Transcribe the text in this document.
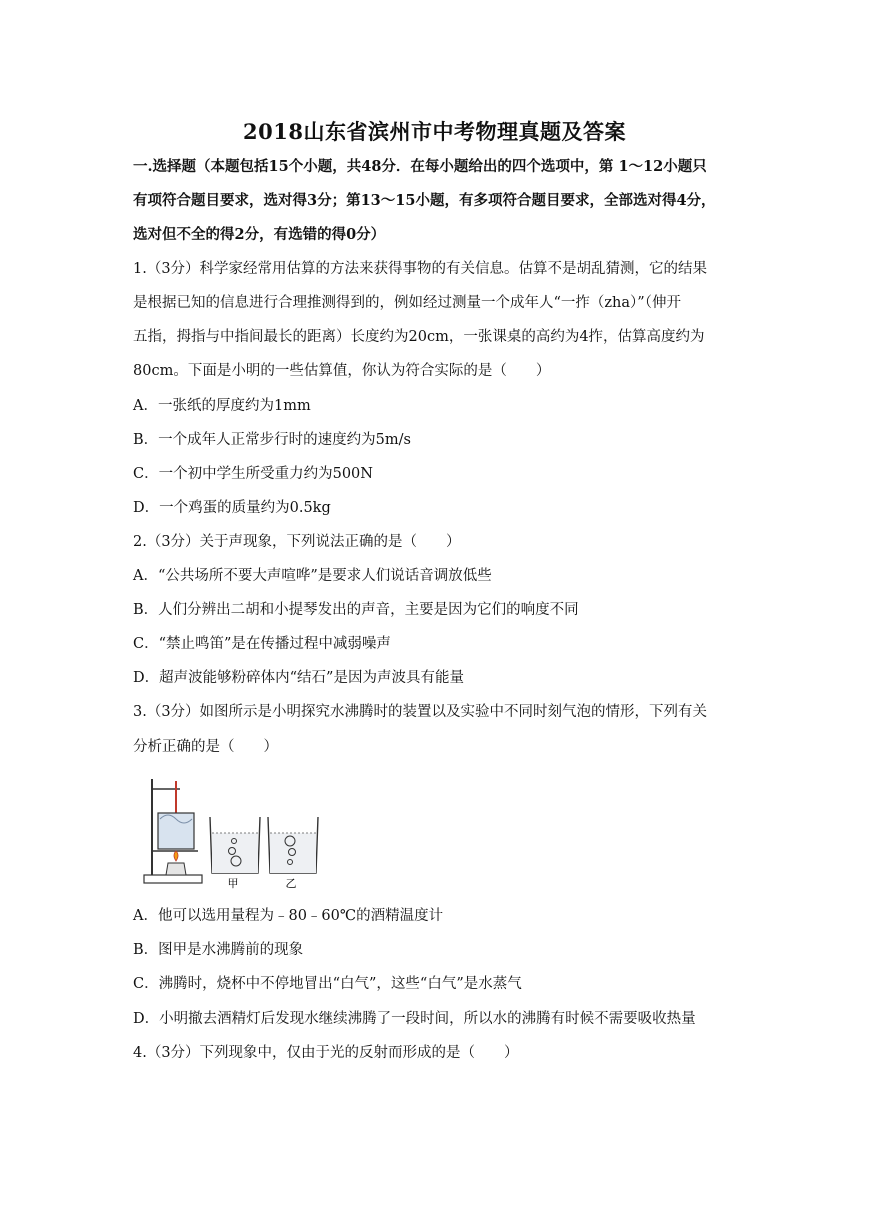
2018山东省滨州市中考物理真题及答案
一.选择题（本题包括15个小题，共48分．在每小题给出的四个选项中，第 1～12小题只
有项符合题目要求，选对得3分；第13～15小题，有多项符合题目要求，全部选对得4分，
选对但不全的得2分，有选错的得0分）
1.（3分）科学家经常用估算的方法来获得事物的有关信息。估算不是胡乱猜测，它的结果
是根据已知的信息进行合理推测得到的，例如经过测量一个成年人“一拃（zha）”（伸开
五指，拇指与中指间最长的距离）长度约为20cm，一张课桌的高约为4拃，估算高度约为
80cm。下面是小明的一些估算值，你认为符合实际的是（　　）
A．一张纸的厚度约为1mm
B．一个成年人正常步行时的速度约为5m/s
C．一个初中学生所受重力约为500N
D．一个鸡蛋的质量约为0.5kg
2.（3分）关于声现象，下列说法正确的是（　　）
A．“公共场所不要大声喧哗”是要求人们说话音调放低些
B．人们分辨出二胡和小提琴发出的声音，主要是因为它们的响度不同
C．“禁止鸣笛”是在传播过程中减弱噪声
D．超声波能够粉碎体内“结石”是因为声波具有能量
3.（3分）如图所示是小明探究水沸腾时的装置以及实验中不同时刻气泡的情形，下列有关
分析正确的是（　　）
甲	乙
A．他可以选用量程为﹣80﹣60℃的酒精温度计
B．图甲是水沸腾前的现象
C．沸腾时，烧杯中不停地冒出“白气”，这些“白气”是水蒸气
D．小明撤去酒精灯后发现水继续沸腾了一段时间，所以水的沸腾有时候不需要吸收热量
4.（3分）下列现象中，仅由于光的反射而形成的是（　　）
